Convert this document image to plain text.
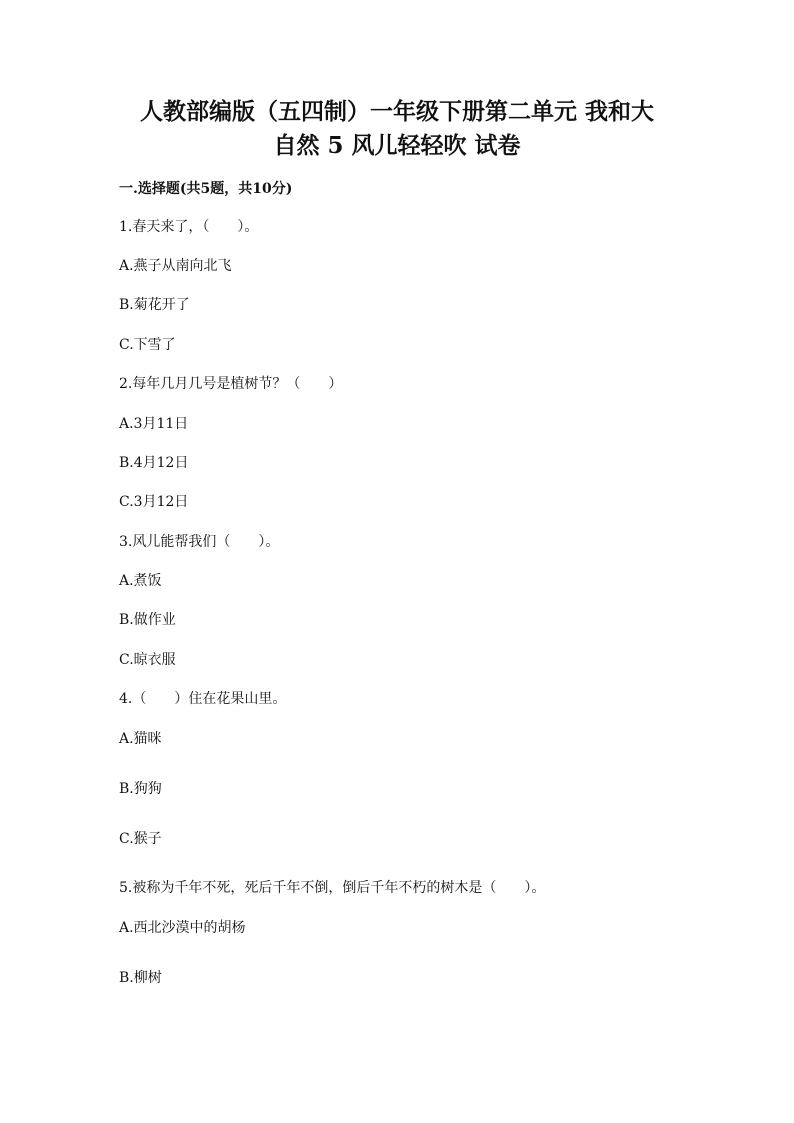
人教部编版（五四制）一年级下册第二单元 我和大
自然 5 风儿轻轻吹 试卷
一.选择题(共5题，共10分)
1.春天来了，（　　）。
A.燕子从南向北飞
B.菊花开了
C.下雪了
2.每年几月几号是植树节？（　　）
A.3月11日
B.4月12日
C.3月12日
3.风儿能帮我们（　　）。
A.煮饭
B.做作业
C.晾衣服
4.（　　）住在花果山里。
A.猫咪
B.狗狗
C.猴子
5.被称为千年不死，死后千年不倒，倒后千年不朽的树木是（　　）。
A.西北沙漠中的胡杨
B.柳树
